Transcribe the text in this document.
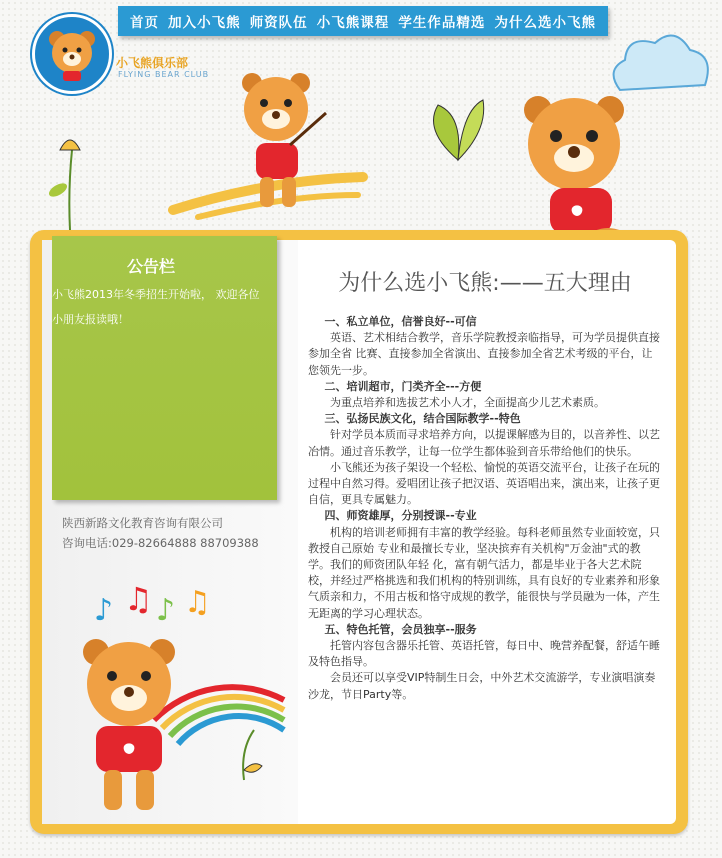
小飞熊俱乐部
FLYING BEAR CLUB
首页 加入小飞熊 师资队伍 小飞熊课程 学生作品精选 为什么选小飞熊
公告栏
小飞熊2013年冬季招生开始啦， 欢迎各位小朋友报读哦！
陕西新路文化教育咨询有限公司
咨询电话:029-82664888 88709388
♪ ♫ ♪ ♫
为什么选小飞熊:——五大理由

一、私立单位，信誉良好--可信

英语、艺术相结合教学，音乐学院教授亲临指导，可为学员提供直接参加全省 比赛、直接参加全省演出、直接参加全省艺术考级的平台，让您领先一步。

二、培训超市，门类齐全---方便

为重点培养和选拔艺术小人才，全面提高少儿艺术素质。

三、弘扬民族文化，结合国际教学--特色

针对学员本质而寻求培养方向，以提课解感为目的，以音养性、以艺冶情。通过音乐教学，让每一位学生都体验到音乐带给他们的快乐。

小飞熊还为孩子架设一个轻松、愉悦的英语交流平台，让孩子在玩的过程中自然习得。爱唱团让孩子把汉语、英语唱出来，演出来，让孩子更自信，更具专属魅力。

四、师资雄厚，分别授课--专业

机构的培训老师拥有丰富的教学经验。每科老师虽然专业面较宽，只教授自己原始 专业和最擅长专业，坚决摈弃有关机构"万金油"式的教学。我们的师资团队年轻 化，富有朝气活力，都是毕业于各大艺术院校，并经过严格挑选和我们机构的特别训练，具有良好的专业素养和形象气质亲和力，不用古板和恪守成规的教学，能很快与学员融为一体，产生无距离的学习心理状态。

五、特色托管，会员独享--服务

托管内容包含器乐托管、英语托管，每日中、晚营养配餐，舒适午睡及特色指导。

会员还可以享受VIP特制生日会，中外艺术交流游学，专业演唱演奏沙龙，节日Party等。
